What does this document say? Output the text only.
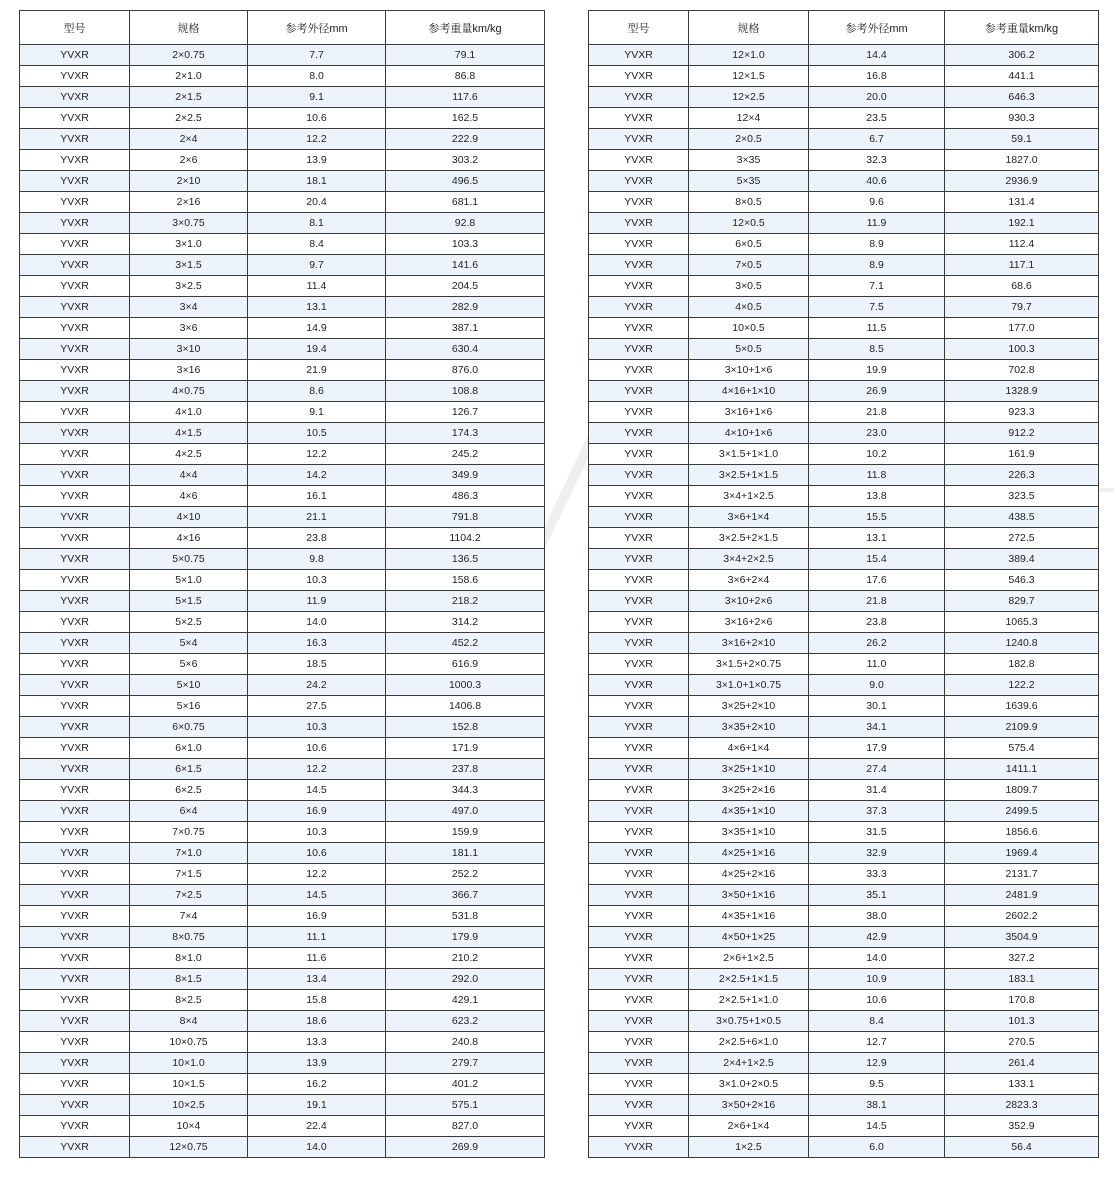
型号	规格	参考外径mm	参考重量km/kg
YVXR	2×0.75	7.7	79.1
YVXR	2×1.0	8.0	86.8
YVXR	2×1.5	9.1	117.6
YVXR	2×2.5	10.6	162.5
YVXR	2×4	12.2	222.9
YVXR	2×6	13.9	303.2
YVXR	2×10	18.1	496.5
YVXR	2×16	20.4	681.1
YVXR	3×0.75	8.1	92.8
YVXR	3×1.0	8.4	103.3
YVXR	3×1.5	9.7	141.6
YVXR	3×2.5	11.4	204.5
YVXR	3×4	13.1	282.9
YVXR	3×6	14.9	387.1
YVXR	3×10	19.4	630.4
YVXR	3×16	21.9	876.0
YVXR	4×0.75	8.6	108.8
YVXR	4×1.0	9.1	126.7
YVXR	4×1.5	10.5	174.3
YVXR	4×2.5	12.2	245.2
YVXR	4×4	14.2	349.9
YVXR	4×6	16.1	486.3
YVXR	4×10	21.1	791.8
YVXR	4×16	23.8	1104.2
YVXR	5×0.75	9.8	136.5
YVXR	5×1.0	10.3	158.6
YVXR	5×1.5	11.9	218.2
YVXR	5×2.5	14.0	314.2
YVXR	5×4	16.3	452.2
YVXR	5×6	18.5	616.9
YVXR	5×10	24.2	1000.3
YVXR	5×16	27.5	1406.8
YVXR	6×0.75	10.3	152.8
YVXR	6×1.0	10.6	171.9
YVXR	6×1.5	12.2	237.8
YVXR	6×2.5	14.5	344.3
YVXR	6×4	16.9	497.0
YVXR	7×0.75	10.3	159.9
YVXR	7×1.0	10.6	181.1
YVXR	7×1.5	12.2	252.2
YVXR	7×2.5	14.5	366.7
YVXR	7×4	16.9	531.8
YVXR	8×0.75	11.1	179.9
YVXR	8×1.0	11.6	210.2
YVXR	8×1.5	13.4	292.0
YVXR	8×2.5	15.8	429.1
YVXR	8×4	18.6	623.2
YVXR	10×0.75	13.3	240.8
YVXR	10×1.0	13.9	279.7
YVXR	10×1.5	16.2	401.2
YVXR	10×2.5	19.1	575.1
YVXR	10×4	22.4	827.0
YVXR	12×0.75	14.0	269.9
型号	规格	参考外径mm	参考重量km/kg
YVXR	12×1.0	14.4	306.2
YVXR	12×1.5	16.8	441.1
YVXR	12×2.5	20.0	646.3
YVXR	12×4	23.5	930.3
YVXR	2×0.5	6.7	59.1
YVXR	3×35	32.3	1827.0
YVXR	5×35	40.6	2936.9
YVXR	8×0.5	9.6	131.4
YVXR	12×0.5	11.9	192.1
YVXR	6×0.5	8.9	112.4
YVXR	7×0.5	8.9	117.1
YVXR	3×0.5	7.1	68.6
YVXR	4×0.5	7.5	79.7
YVXR	10×0.5	11.5	177.0
YVXR	5×0.5	8.5	100.3
YVXR	3×10+1×6	19.9	702.8
YVXR	4×16+1×10	26.9	1328.9
YVXR	3×16+1×6	21.8	923.3
YVXR	4×10+1×6	23.0	912.2
YVXR	3×1.5+1×1.0	10.2	161.9
YVXR	3×2.5+1×1.5	11.8	226.3
YVXR	3×4+1×2.5	13.8	323.5
YVXR	3×6+1×4	15.5	438.5
YVXR	3×2.5+2×1.5	13.1	272.5
YVXR	3×4+2×2.5	15.4	389.4
YVXR	3×6+2×4	17.6	546.3
YVXR	3×10+2×6	21.8	829.7
YVXR	3×16+2×6	23.8	1065.3
YVXR	3×16+2×10	26.2	1240.8
YVXR	3×1.5+2×0.75	11.0	182.8
YVXR	3×1.0+1×0.75	9.0	122.2
YVXR	3×25+2×10	30.1	1639.6
YVXR	3×35+2×10	34.1	2109.9
YVXR	4×6+1×4	17.9	575.4
YVXR	3×25+1×10	27.4	1411.1
YVXR	3×25+2×16	31.4	1809.7
YVXR	4×35+1×10	37.3	2499.5
YVXR	3×35+1×10	31.5	1856.6
YVXR	4×25+1×16	32.9	1969.4
YVXR	4×25+2×16	33.3	2131.7
YVXR	3×50+1×16	35.1	2481.9
YVXR	4×35+1×16	38.0	2602.2
YVXR	4×50+1×25	42.9	3504.9
YVXR	2×6+1×2.5	14.0	327.2
YVXR	2×2.5+1×1.5	10.9	183.1
YVXR	2×2.5+1×1.0	10.6	170.8
YVXR	3×0.75+1×0.5	8.4	101.3
YVXR	2×2.5+6×1.0	12.7	270.5
YVXR	2×4+1×2.5	12.9	261.4
YVXR	3×1.0+2×0.5	9.5	133.1
YVXR	3×50+2×16	38.1	2823.3
YVXR	2×6+1×4	14.5	352.9
YVXR	1×2.5	6.0	56.4
